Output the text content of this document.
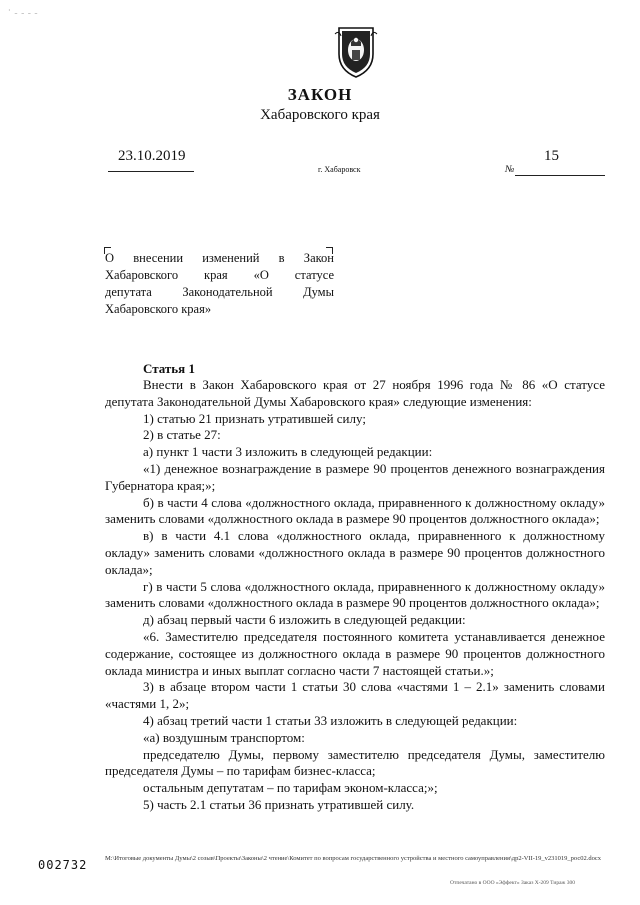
· ˍ ˍ ˍ ˍ
ЗАКОН
Хабаровского края
23.10.2019
г. Хабаровск	№
15
О внесении изменений в Закон
Хабаровского края «О статусе
депутата Законодательной Думы
Хабаровского края»
Статья 1

Внести в Закон Хабаровского края от 27 ноября 1996 года № 86 «О статусе депутата Законодательной Думы Хабаровского края» следующие изменения:

1) статью 21 признать утратившей силу;

2) в статье 27:

а) пункт 1 части 3 изложить в следующей редакции:

«1) денежное вознаграждение в размере 90 процентов денежного вознаграждения Губернатора края;»;

б) в части 4 слова «должностного оклада, приравненного к должностному окладу» заменить словами «должностного оклада в размере 90 процентов должностного оклада»;

в) в части 4.1 слова «должностного оклада, приравненного к должностному окладу» заменить словами «должностного оклада в размере 90 процентов должностного оклада»;

г) в части 5 слова «должностного оклада, приравненного к должностному окладу» заменить словами «должностного оклада в размере 90 процентов должностного оклада»;

д) абзац первый части 6 изложить в следующей редакции:

«6. Заместителю председателя постоянного комитета устанавливается денежное содержание, состоящее из должностного оклада в размере 90 процентов должностного оклада министра и иных выплат согласно части 7 настоящей статьи.»;

3) в абзаце втором части 1 статьи 30 слова «частями 1 – 2.1» заменить словами «частями 1, 2»;

4) абзац третий части 1 статьи 33 изложить в следующей редакции:

«а) воздушным транспортом:

председателю Думы, первому заместителю председателя Думы, заместителю председателя Думы – по тарифам бизнес-класса;

остальным депутатам – по тарифам эконом-класса;»;

5) часть 2.1 статьи 36 признать утратившей силу.

002732	М:\Итоговые документы Думы\2 созыв\Проекты\Законы\2 чтение\Комитет по вопросам государственного устройства и местного самоуправления\др2-VII-19_v231019_рос02.docx
Отпечатано в ООО «Эффект» Заказ Х-209 Тираж 300
